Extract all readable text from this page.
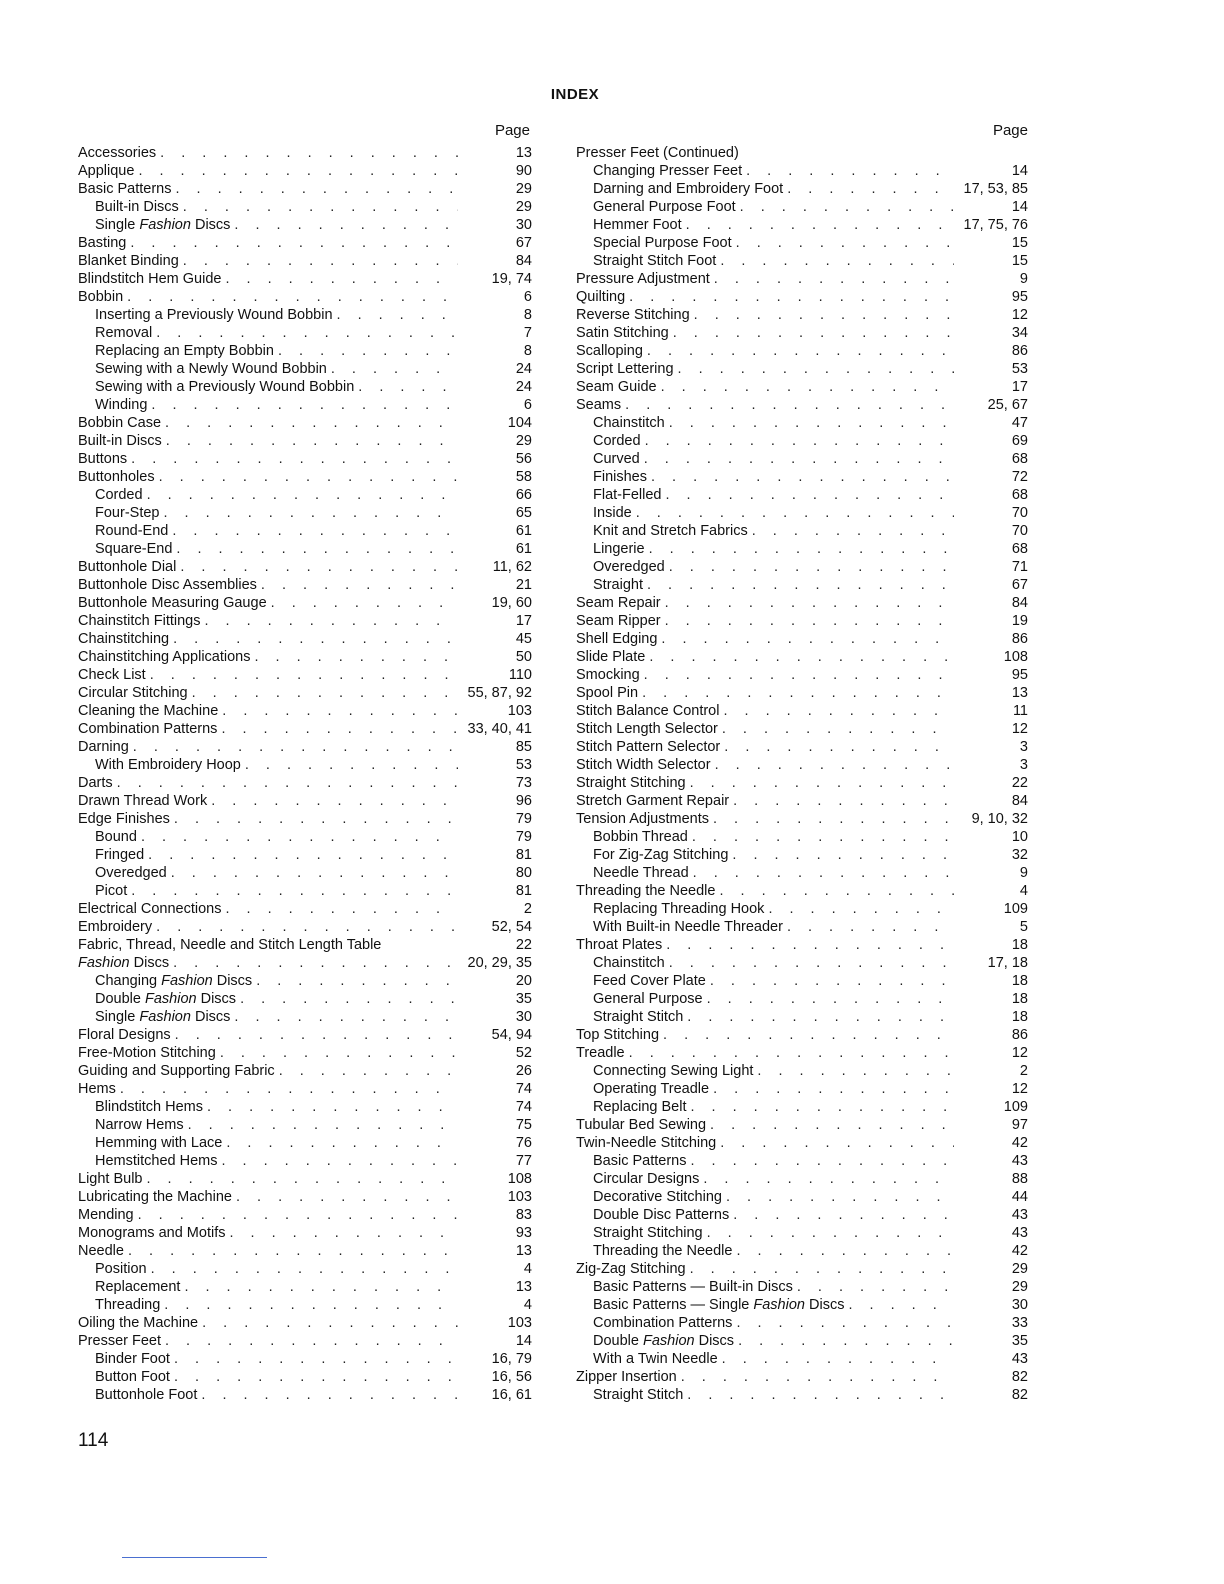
INDEX
Page
Accessories . . .	13
Applique . . .	90
Basic Patterns . . .	29
Built-in Discs . . .	29
Single Fashion Discs . . .	30
Basting . . .	67
Blanket Binding . . .	84
Blindstitch Hem Guide . . .	19, 74
Bobbin . . .	6
Inserting a Previously Wound Bobbin . . .	8
Removal . . .	7
Replacing an Empty Bobbin . . .	8
Sewing with a Newly Wound Bobbin . . .	24
Sewing with a Previously Wound Bobbin . . .	24
Winding . . .	6
Bobbin Case . . .	104
Built-in Discs . . .	29
Buttons . . .	56
Buttonholes . . .	58
Corded . . .	66
Four-Step . . .	65
Round-End . . .	61
Square-End . . .	61
Buttonhole Dial . . .	11, 62
Buttonhole Disc Assemblies . . .	21
Buttonhole Measuring Gauge . . .	19, 60
Chainstitch Fittings . . .	17
Chainstitching . . .	45
Chainstitching Applications . . .	50
Check List . . .	110
Circular Stitching . . .	55, 87, 92
Cleaning the Machine . . .	103
Combination Patterns . . .	33, 40, 41
Darning . . .	85
With Embroidery Hoop . . .	53
Darts . . .	73
Drawn Thread Work . . .	96
Edge Finishes . . .	79
Bound . . .	79
Fringed . . .	81
Overedged . . .	80
Picot . . .	81
Electrical Connections . . .	2
Embroidery . . .	52, 54
Fabric, Thread, Needle and Stitch Length Table	22
Fashion Discs . . .	20, 29, 35
Changing Fashion Discs . . .	20
Double Fashion Discs . . .	35
Single Fashion Discs . . .	30
Floral Designs . . .	54, 94
Free-Motion Stitching . . .	52
Guiding and Supporting Fabric . . .	26
Hems . . .	74
Blindstitch Hems . . .	74
Narrow Hems . . .	75
Hemming with Lace . . .	76
Hemstitched Hems . . .	77
Light Bulb . . .	108
Lubricating the Machine . . .	103
Mending . . .	83
Monograms and Motifs . . .	93
Needle . . .	13
Position . . .	4
Replacement . . .	13
Threading . . .	4
Oiling the Machine . . .	103
Presser Feet . . .	14
Binder Foot . . .	16, 79
Button Foot . . .	16, 56
Buttonhole Foot . . .	16, 61
Page
Presser Feet (Continued)
Changing Presser Feet . . .	14
Darning and Embroidery Foot . . .	17, 53, 85
General Purpose Foot . . .	14
Hemmer Foot . . .	17, 75, 76
Special Purpose Foot . . .	15
Straight Stitch Foot . . .	15
Pressure Adjustment . . .	9
Quilting . . .	95
Reverse Stitching . . .	12
Satin Stitching . . .	34
Scalloping . . .	86
Script Lettering . . .	53
Seam Guide . . .	17
Seams . . .	25, 67
Chainstitch . . .	47
Corded . . .	69
Curved . . .	68
Finishes . . .	72
Flat-Felled . . .	68
Inside . . .	70
Knit and Stretch Fabrics . . .	70
Lingerie . . .	68
Overedged . . .	71
Straight . . .	67
Seam Repair . . .	84
Seam Ripper . . .	19
Shell Edging . . .	86
Slide Plate . . .	108
Smocking . . .	95
Spool Pin . . .	13
Stitch Balance Control . . .	11
Stitch Length Selector . . .	12
Stitch Pattern Selector . . .	3
Stitch Width Selector . . .	3
Straight Stitching . . .	22
Stretch Garment Repair . . .	84
Tension Adjustments . . .	9, 10, 32
Bobbin Thread . . .	10
For Zig-Zag Stitching . . .	32
Needle Thread . . .	9
Threading the Needle . . .	4
Replacing Threading Hook . . .	109
With Built-in Needle Threader . . .	5
Throat Plates . . .	18
Chainstitch . . .	17, 18
Feed Cover Plate . . .	18
General Purpose . . .	18
Straight Stitch . . .	18
Top Stitching . . .	86
Treadle . . .	12
Connecting Sewing Light . . .	2
Operating Treadle . . .	12
Replacing Belt . . .	109
Tubular Bed Sewing . . .	97
Twin-Needle Stitching . . .	42
Basic Patterns . . .	43
Circular Designs . . .	88
Decorative Stitching . . .	44
Double Disc Patterns . . .	43
Straight Stitching . . .	43
Threading the Needle . . .	42
Zig-Zag Stitching . . .	29
Basic Patterns — Built-in Discs . . .	29
Basic Patterns — Single Fashion Discs . . .	30
Combination Patterns . . .	33
Double Fashion Discs . . .	35
With a Twin Needle . . .	43
Zipper Insertion . . .	82
Straight Stitch . . .	82
114
